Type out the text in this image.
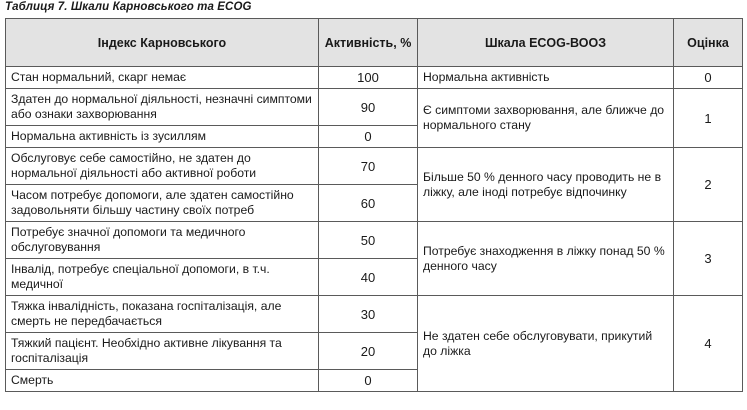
Таблиця 7. Шкали Карновського та ECOG
Індекс Карновського	Активність, %	Шкала ECOG-ВООЗ	Оцінка
Стан нормальний, скарг немає	100	Нормальна активність	0
Здатен до нормальної діяльності, незначні симптоми або ознаки захворювання	90	Є симптоми захворювання, але ближче до нормального стану	1
Нормальна активність із зусиллям	0		
Обслуговує себе самостійно, не здатен до нормальної діяльності або активної роботи	70	Більше 50 % денного часу проводить не в ліжку, але іноді потребує відпочинку	2
Часом потребує допомоги, але здатен самостійно задовольняти більшу частину своїх потреб	60		
Потребує значної допомоги та медичного обслуговування	50	Потребує знаходження в ліжку понад 50 % денного часу	3
Інвалід, потребує спеціальної допомоги, в т.ч. медичної	40		
Тяжка інвалідність, показана госпіталізація, але смерть не передбачається	30	Не здатен себе обслуговувати, прикутий до ліжка	4
Тяжкий пацієнт. Необхідно активне лікування та госпіталізація	20		
Смерть	0		
